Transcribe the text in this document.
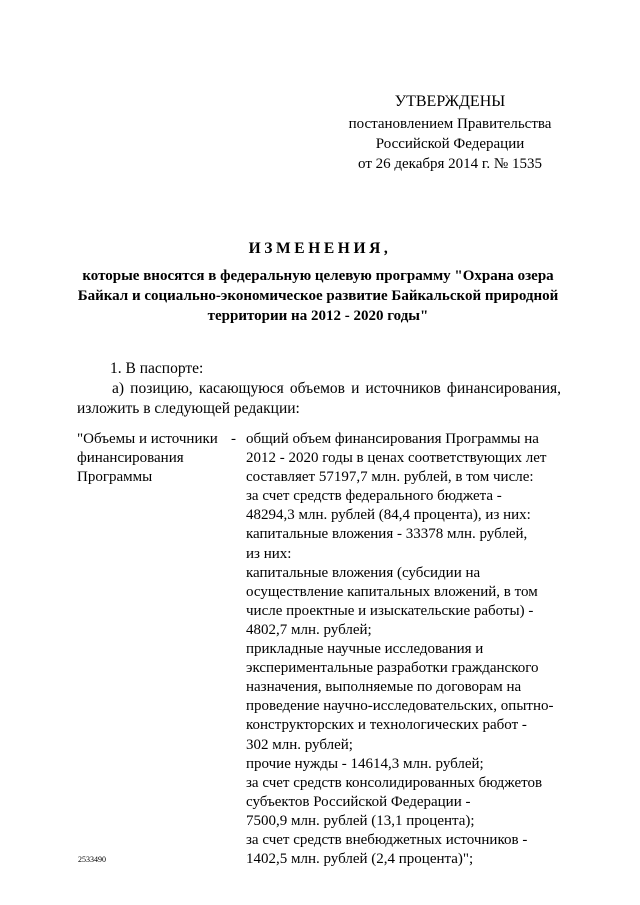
УТВЕРЖДЕНЫ
постановлением Правительства
Российской Федерации
от 26 декабря 2014 г. № 1535
ИЗМЕНЕНИЯ,
которые вносятся в федеральную целевую программу "Охрана озера Байкал и социально-экономическое развитие Байкальской природной территории на 2012 - 2020 годы"
1. В паспорте:
а) позицию, касающуюся объемов и источников финансирования, изложить в следующей редакции:
"Объемы и источники
финансирования
Программы
- общий объем финансирования Программы на
2012 - 2020 годы в ценах соответствующих лет
составляет 57197,7 млн. рублей, в том числе:
за счет средств федерального бюджета -
48294,3 млн. рублей (84,4 процента), из них:
капитальные вложения - 33378 млн. рублей,
из них:
капитальные вложения (субсидии на
осуществление капитальных вложений, в том
числе проектные и изыскательские работы) -
4802,7 млн. рублей;
прикладные научные исследования и
экспериментальные разработки гражданского
назначения, выполняемые по договорам на
проведение научно-исследовательских, опытно-
конструкторских и технологических работ -
302 млн. рублей;
прочие нужды - 14614,3 млн. рублей;
за счет средств консолидированных бюджетов
субъектов Российской Федерации -
7500,9 млн. рублей (13,1 процента);
за счет средств внебюджетных источников -
1402,5 млн. рублей (2,4 процента)";
2533490
